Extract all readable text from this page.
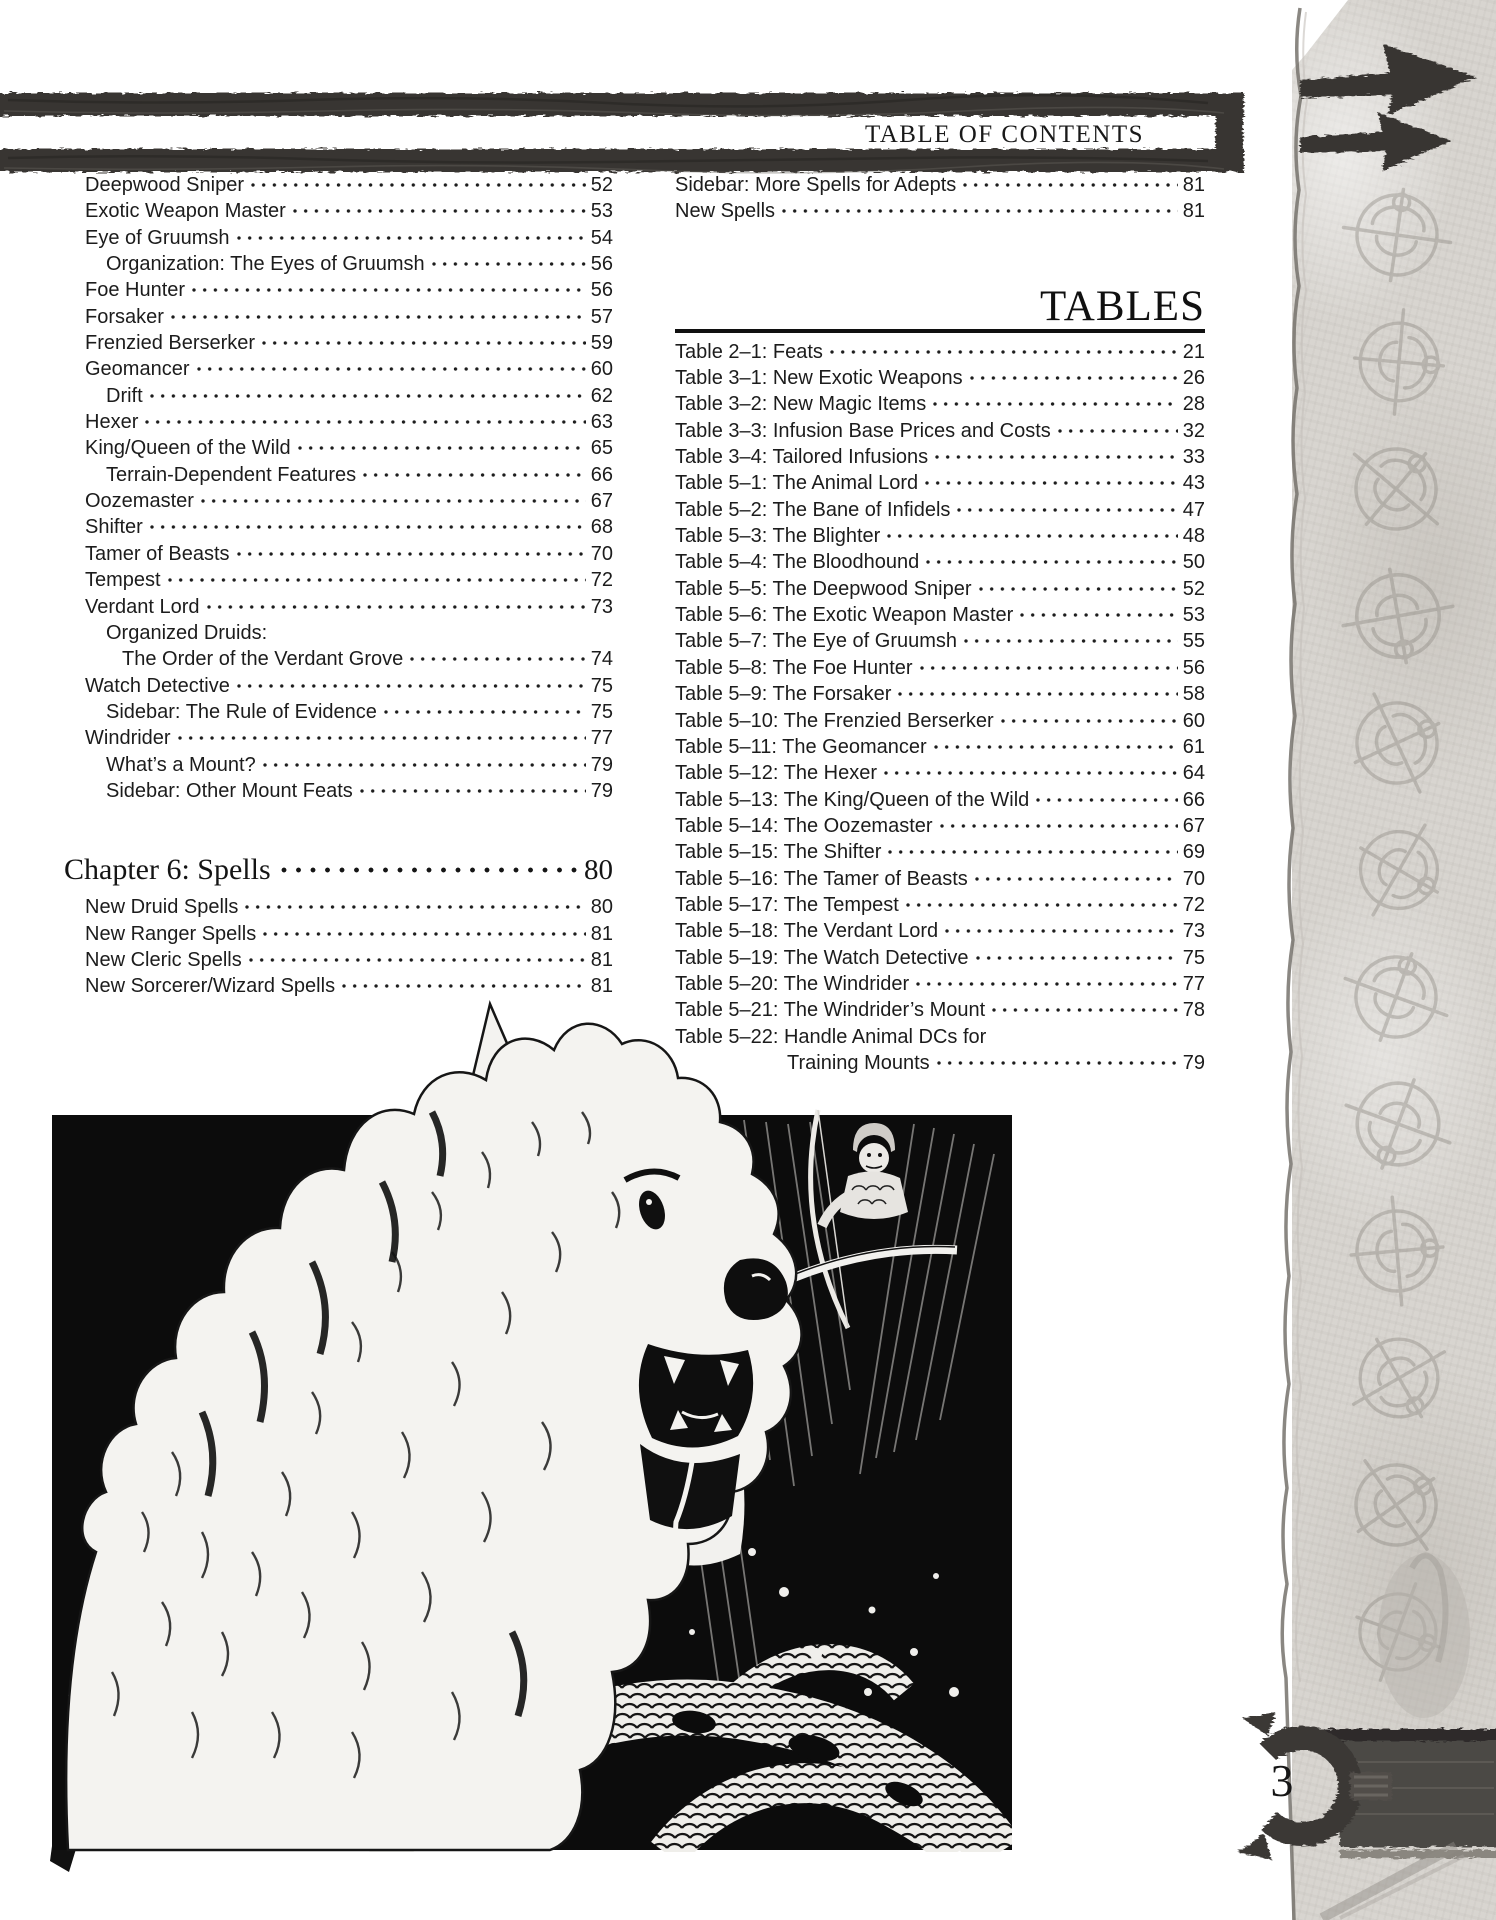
TABLE OF CONTENTS
Deepwood Sniper	52
Exotic Weapon Master	53
Eye of Gruumsh	54
Organization: The Eyes of Gruumsh	56
Foe Hunter	56
Forsaker	57
Frenzied Berserker	59
Geomancer	60
Drift	62
Hexer	63
King/Queen of the Wild	65
Terrain-Dependent Features	66
Oozemaster	67
Shifter	68
Tamer of Beasts	70
Tempest	72
Verdant Lord	73
Organized Druids:
The Order of the Verdant Grove	74
Watch Detective	75
Sidebar: The Rule of Evidence	75
Windrider	77
What’s a Mount?	79
Sidebar: Other Mount Feats	79
Chapter 6: Spells	80
New Druid Spells	80
New Ranger Spells	81
New Cleric Spells	81
New Sorcerer/Wizard Spells	81
Sidebar: More Spells for Adepts	81
New Spells	81
TABLES
Table 2–1: Feats	21
Table 3–1: New Exotic Weapons	26
Table 3–2: New Magic Items	28
Table 3–3: Infusion Base Prices and Costs	32
Table 3–4: Tailored Infusions	33
Table 5–1: The Animal Lord	43
Table 5–2: The Bane of Infidels	47
Table 5–3: The Blighter	48
Table 5–4: The Bloodhound	50
Table 5–5: The Deepwood Sniper	52
Table 5–6: The Exotic Weapon Master	53
Table 5–7: The Eye of Gruumsh	55
Table 5–8: The Foe Hunter	56
Table 5–9: The Forsaker	58
Table 5–10: The Frenzied Berserker	60
Table 5–11: The Geomancer	61
Table 5–12: The Hexer	64
Table 5–13: The King/Queen of the Wild	66
Table 5–14: The Oozemaster	67
Table 5–15: The Shifter	69
Table 5–16: The Tamer of Beasts	70
Table 5–17: The Tempest	72
Table 5–18: The Verdant Lord	73
Table 5–19: The Watch Detective	75
Table 5–20: The Windrider	77
Table 5–21: The Windrider’s Mount	78
Table 5–22: Handle Animal DCs for
Training Mounts	79
3
